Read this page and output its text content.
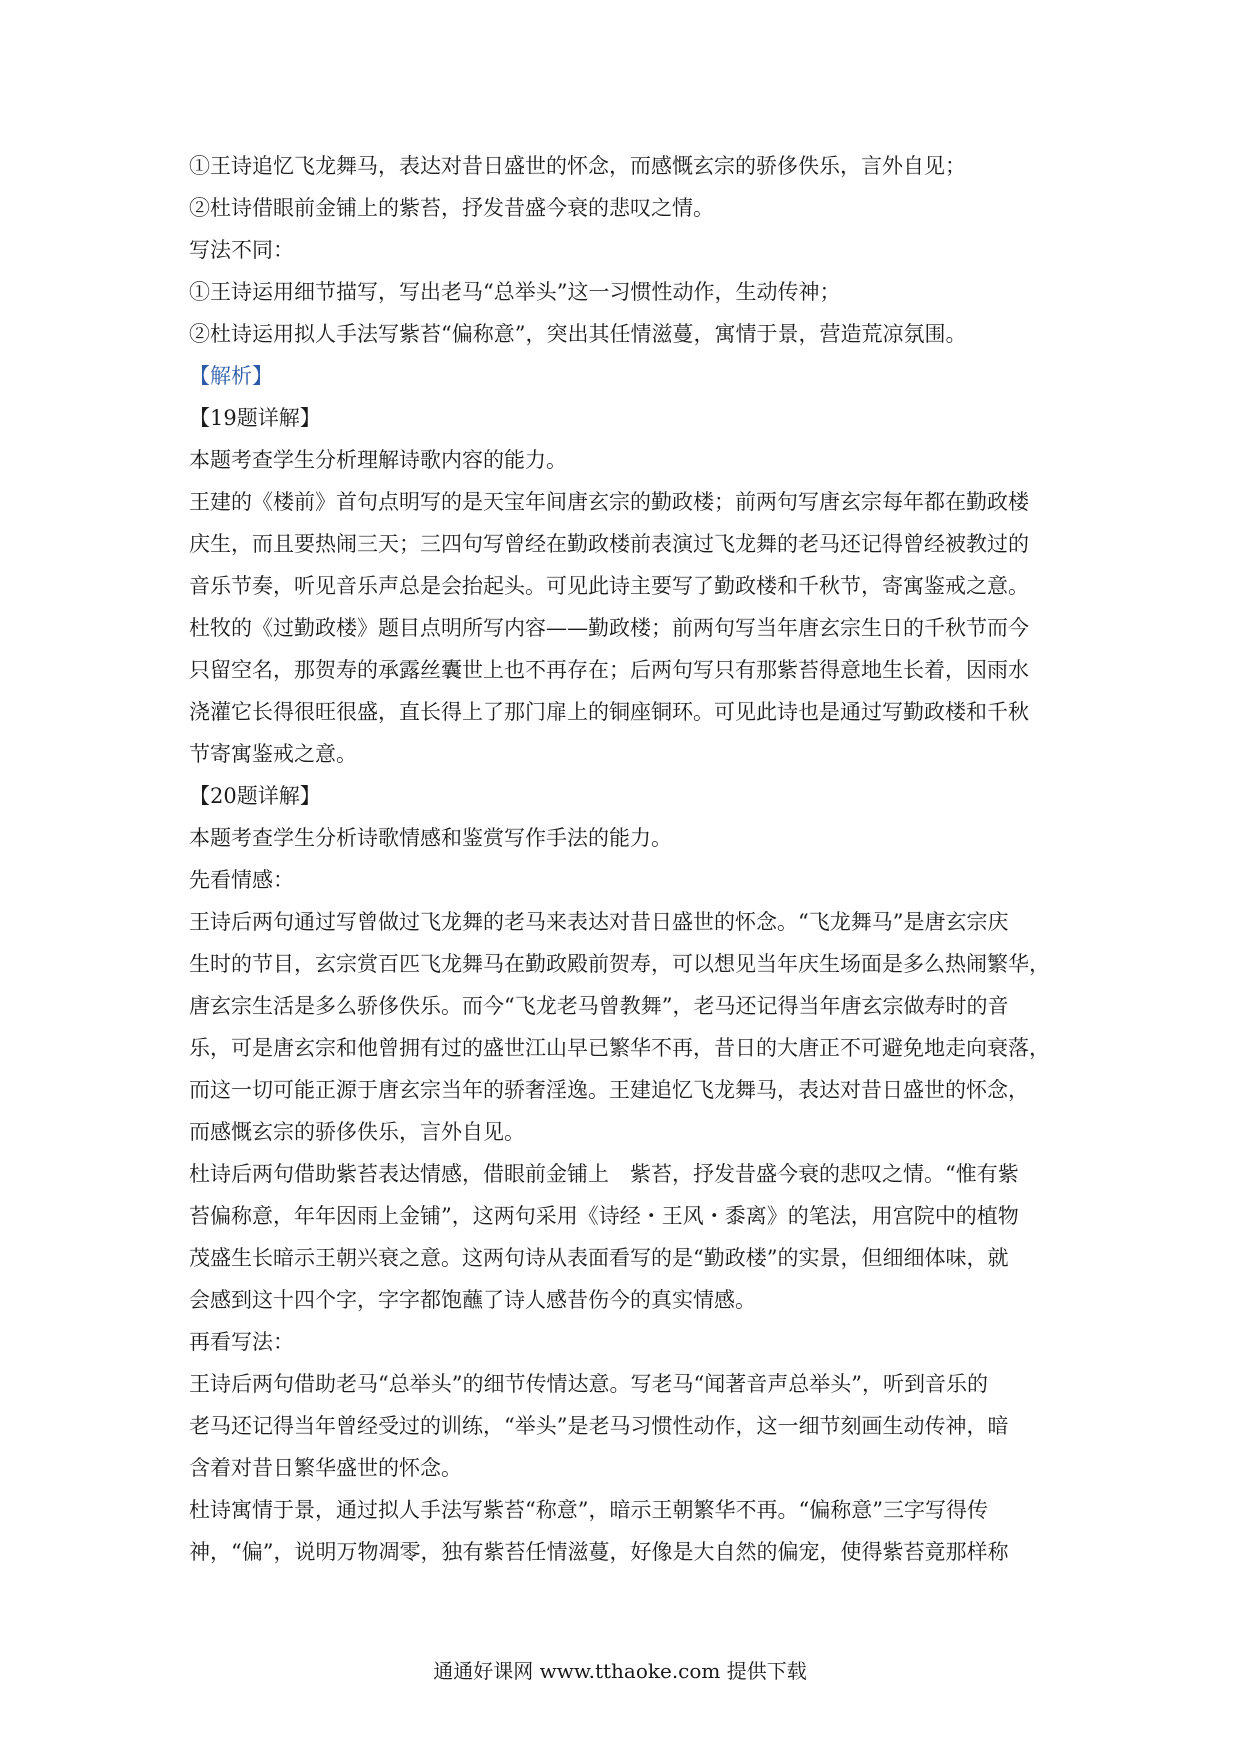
①王诗追忆飞龙舞马，表达对昔日盛世的怀念，而感慨玄宗的骄侈佚乐，言外自见；

②杜诗借眼前金铺上的紫苔，抒发昔盛今衰的悲叹之情。

写法不同：

①王诗运用细节描写，写出老马“总举头”这一习惯性动作，生动传神；

②杜诗运用拟人手法写紫苔“偏称意”，突出其任情滋蔓，寓情于景，营造荒凉氛围。

【解析】

【19题详解】

本题考查学生分析理解诗歌内容的能力。

王建的《楼前》首句点明写的是天宝年间唐玄宗的勤政楼；前两句写唐玄宗每年都在勤政楼

庆生，而且要热闹三天；三四句写曾经在勤政楼前表演过飞龙舞的老马还记得曾经被教过的

音乐节奏，听见音乐声总是会抬起头。可见此诗主要写了勤政楼和千秋节，寄寓鉴戒之意。

杜牧的《过勤政楼》题目点明所写内容——勤政楼；前两句写当年唐玄宗生日的千秋节而今

只留空名，那贺寿的承露丝囊世上也不再存在；后两句写只有那紫苔得意地生长着，因雨水

浇灌它长得很旺很盛，直长得上了那门扉上的铜座铜环。可见此诗也是通过写勤政楼和千秋

节寄寓鉴戒之意。

【20题详解】

本题考查学生分析诗歌情感和鉴赏写作手法的能力。

先看情感：

王诗后两句通过写曾做过飞龙舞的老马来表达对昔日盛世的怀念。“飞龙舞马”是唐玄宗庆

生时的节目，玄宗赏百匹飞龙舞马在勤政殿前贺寿，可以想见当年庆生场面是多么热闹繁华，

唐玄宗生活是多么骄侈佚乐。而今“飞龙老马曾教舞”，老马还记得当年唐玄宗做寿时的音

乐，可是唐玄宗和他曾拥有过的盛世江山早已繁华不再，昔日的大唐正不可避免地走向衰落，

而这一切可能正源于唐玄宗当年的骄奢淫逸。王建追忆飞龙舞马，表达对昔日盛世的怀念，

而感慨玄宗的骄侈佚乐，言外自见。

杜诗后两句借助紫苔表达情感，借眼前金铺上　紫苔，抒发昔盛今衰的悲叹之情。“惟有紫

苔偏称意，年年因雨上金铺”，这两句采用《诗经・王风・黍离》的笔法，用宫院中的植物

茂盛生长暗示王朝兴衰之意。这两句诗从表面看写的是“勤政楼”的实景，但细细体味，就

会感到这十四个字，字字都饱蘸了诗人感昔伤今的真实情感。

再看写法：

王诗后两句借助老马“总举头”的细节传情达意。写老马“闻著音声总举头”，听到音乐的

老马还记得当年曾经受过的训练，“举头”是老马习惯性动作，这一细节刻画生动传神，暗

含着对昔日繁华盛世的怀念。

杜诗寓情于景，通过拟人手法写紫苔“称意”，暗示王朝繁华不再。“偏称意”三字写得传

神，“偏”，说明万物凋零，独有紫苔任情滋蔓，好像是大自然的偏宠，使得紫苔竟那样称

通通好课网 www.tthaoke.com 提供下载
